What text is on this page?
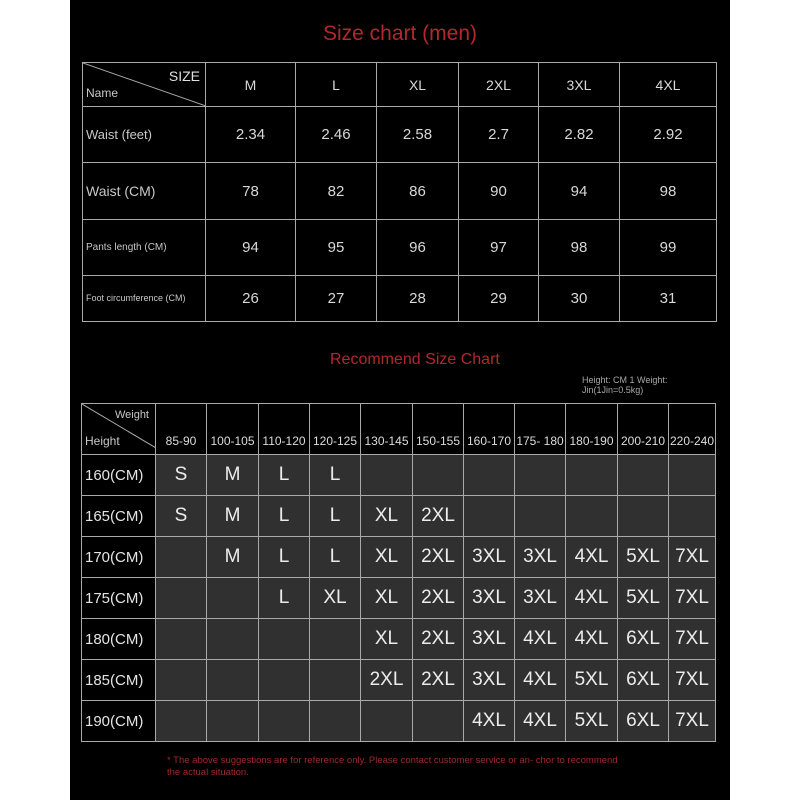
Size chart (men)
SIZE
Name	M	L	XL	2XL	3XL	4XL
Waist (feet)	2.34	2.46	2.58	2.7	2.82	2.92
Waist (CM)	78	82	86	90	94	98
Pants length (CM)	94	95	96	97	98	99
Foot circumference (CM)	26	27	28	29	30	31
Recommend Size Chart
Height: CM 1 Weight: Jin(1Jin=0.5kg)
Weight
Height	85-90	100-105	110-120	120-125	130-145	150-155	160-170	175- 180	180-190	200-210	220-240
160(CM)	S	M	L	L							
165(CM)	S	M	L	L	XL	2XL					
170(CM)		M	L	L	XL	2XL	3XL	3XL	4XL	5XL	7XL
175(CM)			L	XL	XL	2XL	3XL	3XL	4XL	5XL	7XL
180(CM)					XL	2XL	3XL	4XL	4XL	6XL	7XL
185(CM)					2XL	2XL	3XL	4XL	5XL	6XL	7XL
190(CM)							4XL	4XL	5XL	6XL	7XL
* The above suggestions are for reference only. Please contact customer service or an- chor to recommend the actual situation.
